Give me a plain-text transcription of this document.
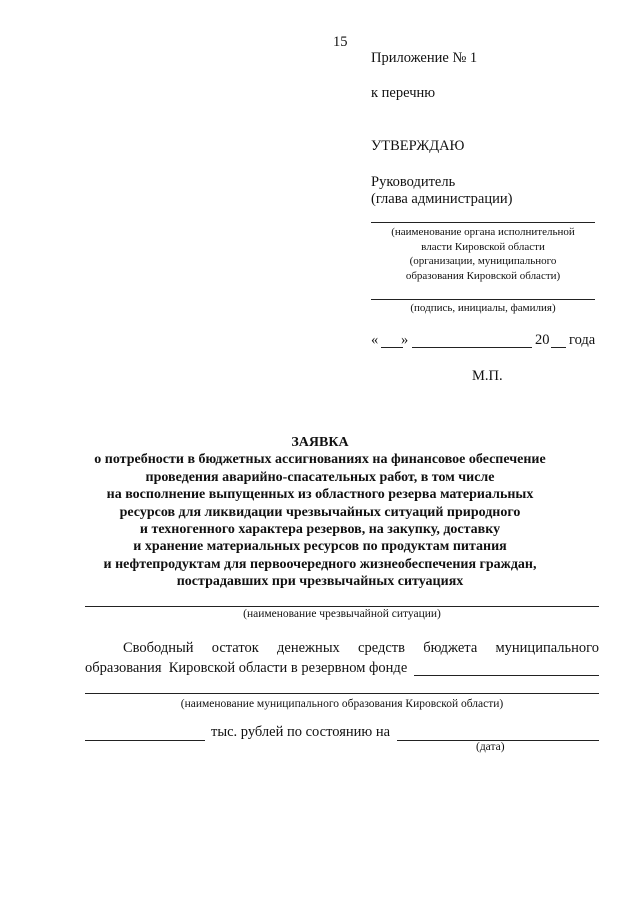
15
Приложение № 1
к перечню
УТВЕРЖДАЮ
Руководитель
(глава администрации)
(наименование органа исполнительной
власти Кировской области
(организации, муниципального
образования Кировской области)
(подпись, инициалы, фамилия)
« »	20 года
М.П.
ЗАЯВКА
о потребности в бюджетных ассигнованиях на финансовое обеспечение
проведения аварийно-спасательных работ, в том числе
на восполнение выпущенных из областного резерва материальных
ресурсов для ликвидации чрезвычайных ситуаций природного
и техногенного характера резервов, на закупку, доставку
и хранение материальных ресурсов по продуктам питания
и нефтепродуктам для первоочередного жизнеобеспечения граждан,
пострадавших при чрезвычайных ситуациях
(наименование чрезвычайной ситуации)
Свободный остаток денежных средств бюджета муниципального
образования  Кировской области в резервном фонде
(наименование муниципального образования Кировской области)
тыс. рублей по состоянию на
(дата)
